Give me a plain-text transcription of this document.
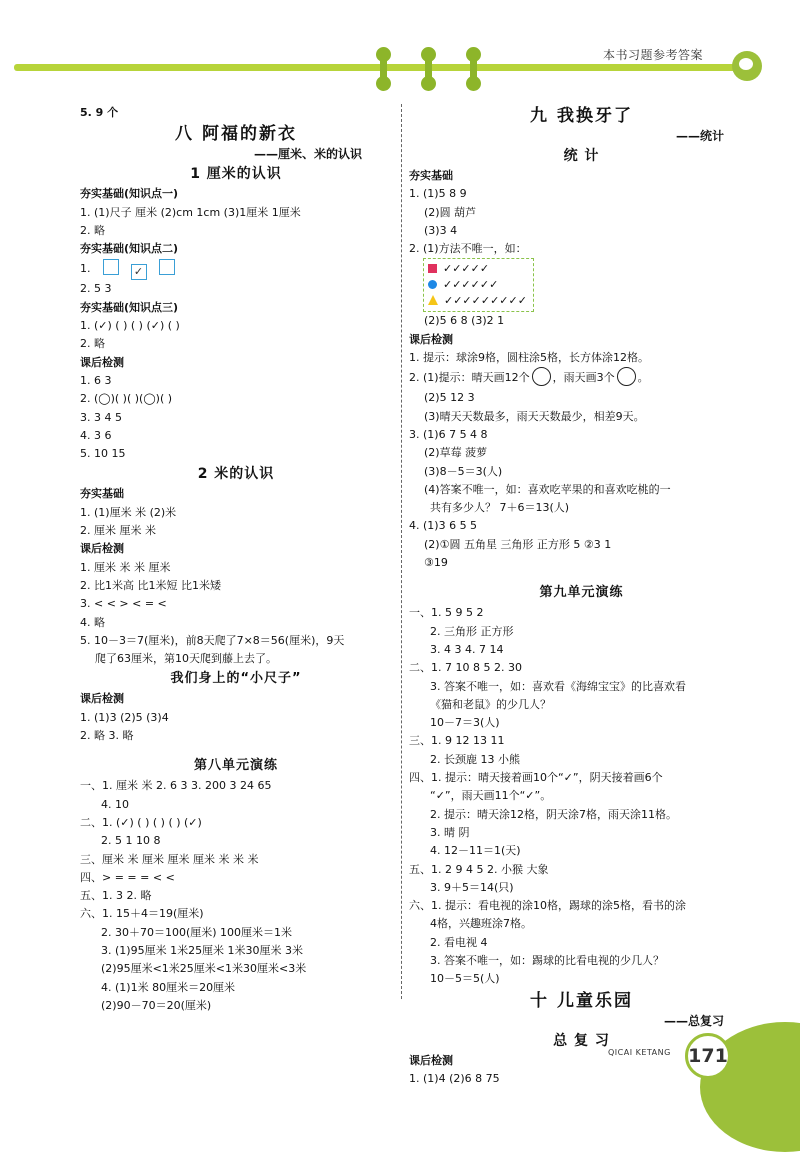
本书习题参考答案
5. 9 个
八 阿福的新衣
——厘米、米的认识
1 厘米的认识
夯实基础(知识点一)
1. (1)尺子 厘米 (2)cm 1cm (3)1厘米 1厘米
2. 略
夯实基础(知识点二)
1.	✓
2. 5 3
夯实基础(知识点三)
1. (✓) ( ) ( ) (✓) ( )
2. 略
课后检测
1. 6 3
2. (◯)( )( )(◯)( )
3. 3 4 5
4. 3 6
5. 10 15
2 米的认识
夯实基础
1. (1)厘米 米 (2)米
2. 厘米 厘米 米
课后检测
1. 厘米 米 米 厘米
2. 比1米高 比1米短 比1米矮
3. < < > < = <
4. 略
5. 10－3＝7(厘米)，前8天爬了7×8＝56(厘米)，9天
爬了63厘米，第10天爬到藤上去了。
我们身上的“小尺子”
课后检测
1. (1)3 (2)5 (3)4
2. 略 3. 略
第八单元演练
一、1. 厘米 米 2. 6 3 3. 200 3 24 65
4. 10
二、1. (✓) ( ) ( ) ( ) (✓)
2. 5 1 10 8
三、厘米 米 厘米 厘米 厘米 米 米 米
四、> = = = < <
五、1. 3 2. 略
六、1. 15＋4＝19(厘米)
2. 30＋70＝100(厘米) 100厘米＝1米
3. (1)95厘米 1米25厘米 1米30厘米 3米
(2)95厘米<1米25厘米<1米30厘米<3米
4. (1)1米 80厘米＝20厘米
(2)90－70＝20(厘米)
九 我换牙了
——统计
统 计
夯实基础
1. (1)5 8 9
(2)圆 葫芦
(3)3 4
2. (1)方法不唯一，如：
✓✓✓✓✓
✓✓✓✓✓✓
✓✓✓✓✓✓✓✓✓
(2)5 6 8 (3)2 1
课后检测
1. 提示：球涂9格，圆柱涂5格，长方体涂12格。
2. (1)提示：晴天画12个 ，雨天画3个 。
(2)5 12 3
(3)晴天天数最多，雨天天数最少，相差9天。
3. (1)6 7 5 4 8
(2)草莓 菠萝
(3)8－5＝3(人)
(4)答案不唯一，如：喜欢吃苹果的和喜欢吃桃的一
共有多少人？ 7＋6＝13(人)
4. (1)3 6 5 5
(2)①圆 五角星 三角形 正方形 5 ②3 1
③19
第九单元演练
一、1. 5 9 5 2
2. 三角形 正方形
3. 4 3 4. 7 14
二、1. 7 10 8 5 2. 30
3. 答案不唯一，如：喜欢看《海绵宝宝》的比喜欢看
《猫和老鼠》的少几人？
10－7＝3(人)
三、1. 9 12 13 11
2. 长颈鹿 13 小熊
四、1. 提示：晴天接着画10个“✓”，阴天接着画6个
“✓”，雨天画11个“✓”。
2. 提示：晴天涂12格，阴天涂7格，雨天涂11格。
3. 晴 阴
4. 12－11＝1(天)
五、1. 2 9 4 5 2. 小猴 大象
3. 9＋5＝14(只)
六、1. 提示：看电视的涂10格，踢球的涂5格，看书的涂
4格，兴趣班涂7格。
2. 看电视 4
3. 答案不唯一，如：踢球的比看电视的少几人？
10－5＝5(人)
十 儿童乐园
——总复习
总 复 习
课后检测
1. (1)4 (2)6 8 75
QICAI KETANG 171
